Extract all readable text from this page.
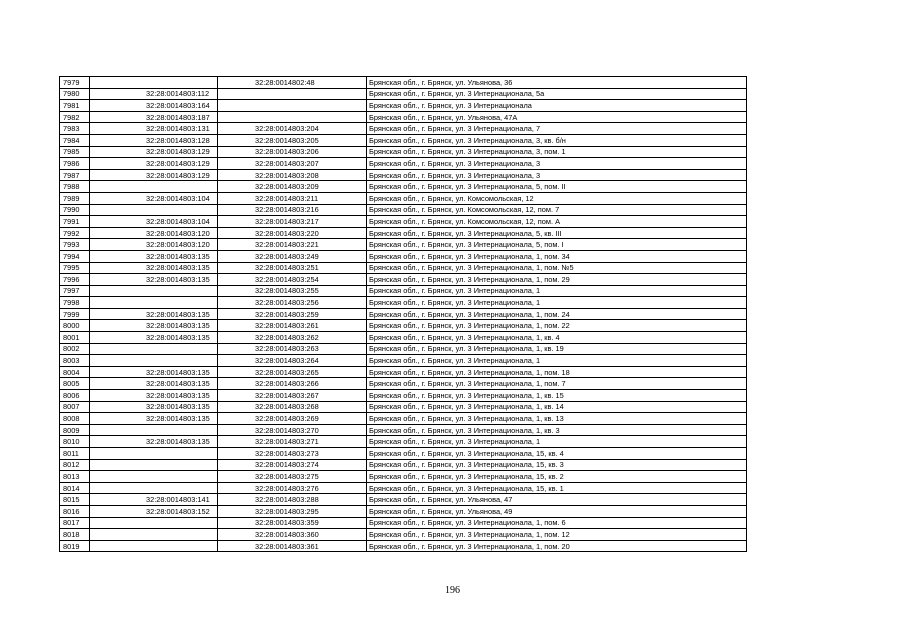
7979		32:28:0014802:48	Брянская обл., г. Брянск, ул. Ульянова, 36
7980	32:28:0014803:112		Брянская обл., г. Брянск, ул. 3 Интернационала, 5а
7981	32:28:0014803:164		Брянская обл., г. Брянск, ул. 3 Интернационала
7982	32:28:0014803:187		Брянская обл., г. Брянск, ул. Ульянова, 47А
7983	32:28:0014803:131	32:28:0014803:204	Брянская обл., г. Брянск, ул. 3 Интернационала, 7
7984	32:28:0014803:128	32:28:0014803:205	Брянская обл., г. Брянск, ул. 3 Интернационала, 3, кв. б/н
7985	32:28:0014803:129	32:28:0014803:206	Брянская обл., г. Брянск, ул. 3 Интернационала, 3, пом. 1
7986	32:28:0014803:129	32:28:0014803:207	Брянская обл., г. Брянск, ул. 3 Интернационала, 3
7987	32:28:0014803:129	32:28:0014803:208	Брянская обл., г. Брянск, ул. 3 Интернационала, 3
7988		32:28:0014803:209	Брянская обл., г. Брянск, ул. 3 Интернационала, 5, пом. II
7989	32:28:0014803:104	32:28:0014803:211	Брянская обл., г. Брянск, ул. Комсомольская, 12
7990		32:28:0014803:216	Брянская обл., г. Брянск, ул. Комсомольская, 12, пом. 7
7991	32:28:0014803:104	32:28:0014803:217	Брянская обл., г. Брянск, ул. Комсомольская, 12, пом. А
7992	32:28:0014803:120	32:28:0014803:220	Брянская обл., г. Брянск, ул. 3 Интернационала, 5, кв. III
7993	32:28:0014803:120	32:28:0014803:221	Брянская обл., г. Брянск, ул. 3 Интернационала, 5, пом. I
7994	32:28:0014803:135	32:28:0014803:249	Брянская обл., г. Брянск, ул. 3 Интернационала, 1, пом. 34
7995	32:28:0014803:135	32:28:0014803:251	Брянская обл., г. Брянск, ул. 3 Интернационала, 1, пом. №5
7996	32:28:0014803:135	32:28:0014803:254	Брянская обл., г. Брянск, ул. 3 Интернационала, 1, пом. 29
7997		32:28:0014803:255	Брянская обл., г. Брянск, ул. 3 Интернационала, 1
7998		32:28:0014803:256	Брянская обл., г. Брянск, ул. 3 Интернационала, 1
7999	32:28:0014803:135	32:28:0014803:259	Брянская обл., г. Брянск, ул. 3 Интернационала, 1, пом. 24
8000	32:28:0014803:135	32:28:0014803:261	Брянская обл., г. Брянск, ул. 3 Интернационала, 1, пом. 22
8001	32:28:0014803:135	32:28:0014803:262	Брянская обл., г. Брянск, ул. 3 Интернационала, 1, кв. 4
8002		32:28:0014803:263	Брянская обл., г. Брянск, ул. 3 Интернационала, 1, кв. 19
8003		32:28:0014803:264	Брянская обл., г. Брянск, ул. 3 Интернационала, 1
8004	32:28:0014803:135	32:28:0014803:265	Брянская обл., г. Брянск, ул. 3 Интернационала, 1, пом. 18
8005	32:28:0014803:135	32:28:0014803:266	Брянская обл., г. Брянск, ул. 3 Интернационала, 1, пом. 7
8006	32:28:0014803:135	32:28:0014803:267	Брянская обл., г. Брянск, ул. 3 Интернационала, 1, кв. 15
8007	32:28:0014803:135	32:28:0014803:268	Брянская обл., г. Брянск, ул. 3 Интернационала, 1, кв. 14
8008	32:28:0014803:135	32:28:0014803:269	Брянская обл., г. Брянск, ул. 3 Интернационала, 1, кв. 13
8009		32:28:0014803:270	Брянская обл., г. Брянск, ул. 3 Интернационала, 1, кв. 3
8010	32:28:0014803:135	32:28:0014803:271	Брянская обл., г. Брянск, ул. 3 Интернационала, 1
8011		32:28:0014803:273	Брянская обл., г. Брянск, ул. 3 Интернационала, 15, кв. 4
8012		32:28:0014803:274	Брянская обл., г. Брянск, ул. 3 Интернационала, 15, кв. 3
8013		32:28:0014803:275	Брянская обл., г. Брянск, ул. 3 Интернационала, 15, кв. 2
8014		32:28:0014803:276	Брянская обл., г. Брянск, ул. 3 Интернационала, 15, кв. 1
8015	32:28:0014803:141	32:28:0014803:288	Брянская обл., г. Брянск, ул. Ульянова, 47
8016	32:28:0014803:152	32:28:0014803:295	Брянская обл., г. Брянск, ул. Ульянова, 49
8017		32:28:0014803:359	Брянская обл., г. Брянск, ул. 3 Интернационала, 1, пом. 6
8018		32:28:0014803:360	Брянская обл., г. Брянск, ул. 3 Интернационала, 1, пом. 12
8019		32:28:0014803:361	Брянская обл., г. Брянск, ул. 3 Интернационала, 1, пом. 20
196
